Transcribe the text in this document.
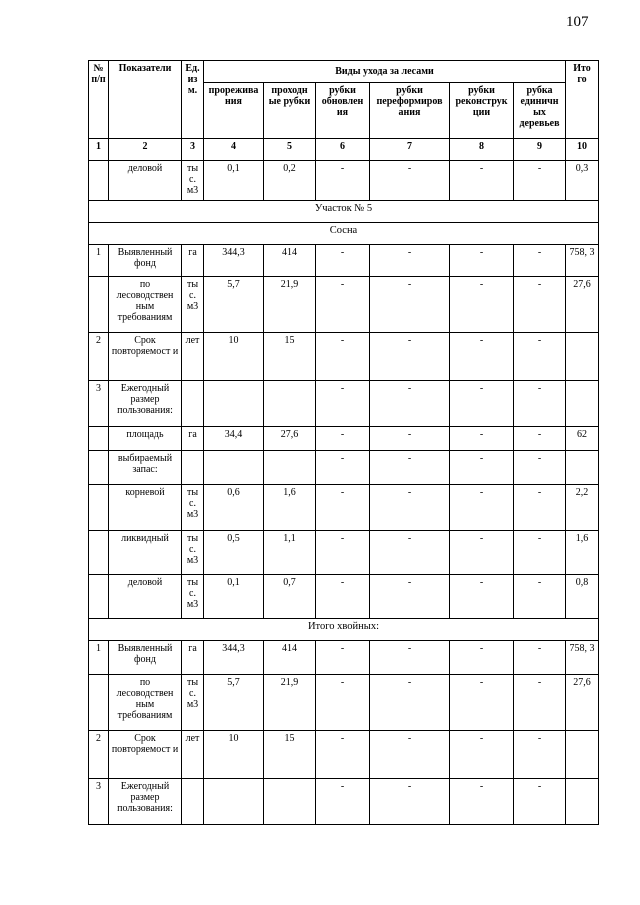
107
№ п/п	Показатели	Ед. из м.	Виды ухода за лесами						Ито го
			прорежива ния	проходн ые рубки	рубки обновлен ия	рубки переформиров ания	рубки реконструк ции	рубка единичн ых деревьев	
1	2	3	4	5	6	7	8	9	10
	деловой	ты с. м3	0,1	0,2	-	-	-	-	0,3
Участок № 5									
Сосна									
1	Выявленный фонд	га	344,3	414	-	-	-	-	758, 3
	по лесоводствен ным требованиям	ты с. м3	5,7	21,9	-	-	-	-	27,6
2	Срок повторяемост и	лет	10	15	-	-	-	-	
3	Ежегодный размер пользования:				-	-	-	-	
	площадь	га	34,4	27,6	-	-	-	-	62
	выбираемый запас:				-	-	-	-	
	корневой	ты с. м3	0,6	1,6	-	-	-	-	2,2
	ликвидный	ты с. м3	0,5	1,1	-	-	-	-	1,6
	деловой	ты с. м3	0,1	0,7	-	-	-	-	0,8
Итого хвойных:									
1	Выявленный фонд	га	344,3	414	-	-	-	-	758, 3
	по лесоводствен ным требованиям	ты с. м3	5,7	21,9	-	-	-	-	27,6
2	Срок повторяемост и	лет	10	15	-	-	-	-	
3	Ежегодный размер пользования:				-	-	-	-	
